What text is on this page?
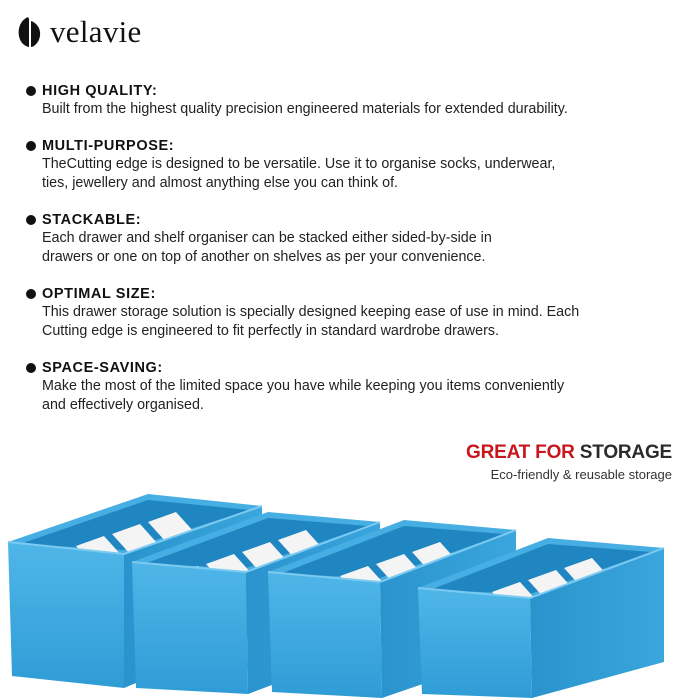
velavie
HIGH QUALITY:
Built from the highest quality precision engineered materials for extended durability.
MULTI-PURPOSE:
TheCutting edge is designed to be versatile. Use it to organise socks, underwear,
ties, jewellery and almost anything else you can think of.
STACKABLE:
Each drawer and shelf organiser can be stacked either sided-by-side in
drawers or one on top of another on shelves as per your convenience.
OPTIMAL SIZE:
This drawer storage solution is specially designed keeping ease of use in mind. Each
Cutting edge is engineered to fit perfectly in standard wardrobe drawers.
SPACE-SAVING:
Make the most of the limited space you have while keeping you items conveniently
and effectively organised.
GREAT FOR STORAGE
Eco-friendly & reusable storage
